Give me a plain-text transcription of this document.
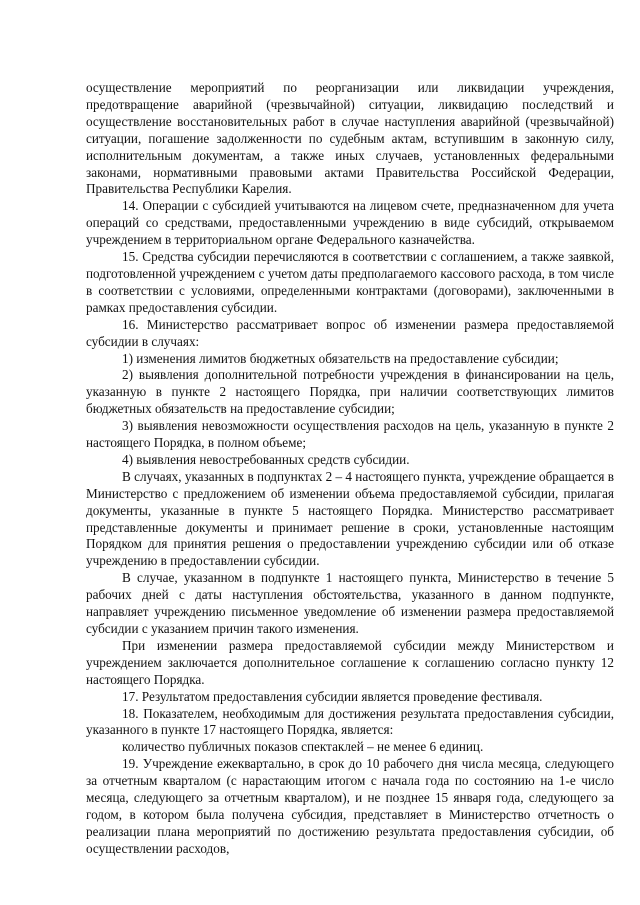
осуществление мероприятий по реорганизации или ликвидации учреждения, предотвращение аварийной (чрезвычайной) ситуации, ликвидацию последствий и осуществление восстановительных работ в случае наступления аварийной (чрезвычайной) ситуации, погашение задолженности по судебным актам, вступившим в законную силу, исполнительным документам, а также иных случаев, установленных федеральными законами, нормативными правовыми актами Правительства Российской Федерации, Правительства Республики Карелия.

14. Операции с субсидией учитываются на лицевом счете, предназначенном для учета операций со средствами, предоставленными учреждению в виде субсидий, открываемом учреждением в территориальном органе Федерального казначейства.

15. Средства субсидии перечисляются в соответствии с соглашением, а также заявкой, подготовленной учреждением с учетом даты предполагаемого кассового расхода, в том числе в соответствии с условиями, определенными контрактами (договорами), заключенными в рамках предоставления субсидии.

16. Министерство рассматривает вопрос об изменении размера предоставляемой субсидии в случаях:

1) изменения лимитов бюджетных обязательств на предоставление субсидии;

2) выявления дополнительной потребности учреждения в финансировании на цель, указанную в пункте 2 настоящего Порядка, при наличии соответствующих лимитов бюджетных обязательств на предоставление субсидии;

3) выявления невозможности осуществления расходов на цель, указанную в пункте 2 настоящего Порядка, в полном объеме;

4) выявления невостребованных средств субсидии.

В случаях, указанных в подпунктах 2 – 4 настоящего пункта, учреждение обращается в Министерство с предложением об изменении объема предоставляемой субсидии, прилагая документы, указанные в пункте 5 настоящего Порядка. Министерство рассматривает представленные документы и принимает решение в сроки, установленные настоящим Порядком для принятия решения о предоставлении учреждению субсидии или об отказе учреждению в предоставлении субсидии.

В случае, указанном в подпункте 1 настоящего пункта, Министерство в течение 5 рабочих дней с даты наступления обстоятельства, указанного в данном подпункте, направляет учреждению письменное уведомление об изменении размера предоставляемой субсидии с указанием причин такого изменения.

При изменении размера предоставляемой субсидии между Министерством и учреждением заключается дополнительное соглашение к соглашению согласно пункту 12 настоящего Порядка.

17. Результатом предоставления субсидии является проведение фестиваля.

18. Показателем, необходимым для достижения результата предоставления субсидии, указанного в пункте 17 настоящего Порядка, является:

количество публичных показов спектаклей – не менее 6 единиц.

19. Учреждение ежеквартально, в срок до 10 рабочего дня числа месяца, следующего за отчетным кварталом (с нарастающим итогом с начала года по состоянию на 1-е число месяца, следующего за отчетным кварталом), и не позднее 15 января года, следующего за годом, в котором была получена субсидия, представляет в Министерство отчетность о реализации плана мероприятий по достижению результата предоставления субсидии, об осуществлении расходов,
